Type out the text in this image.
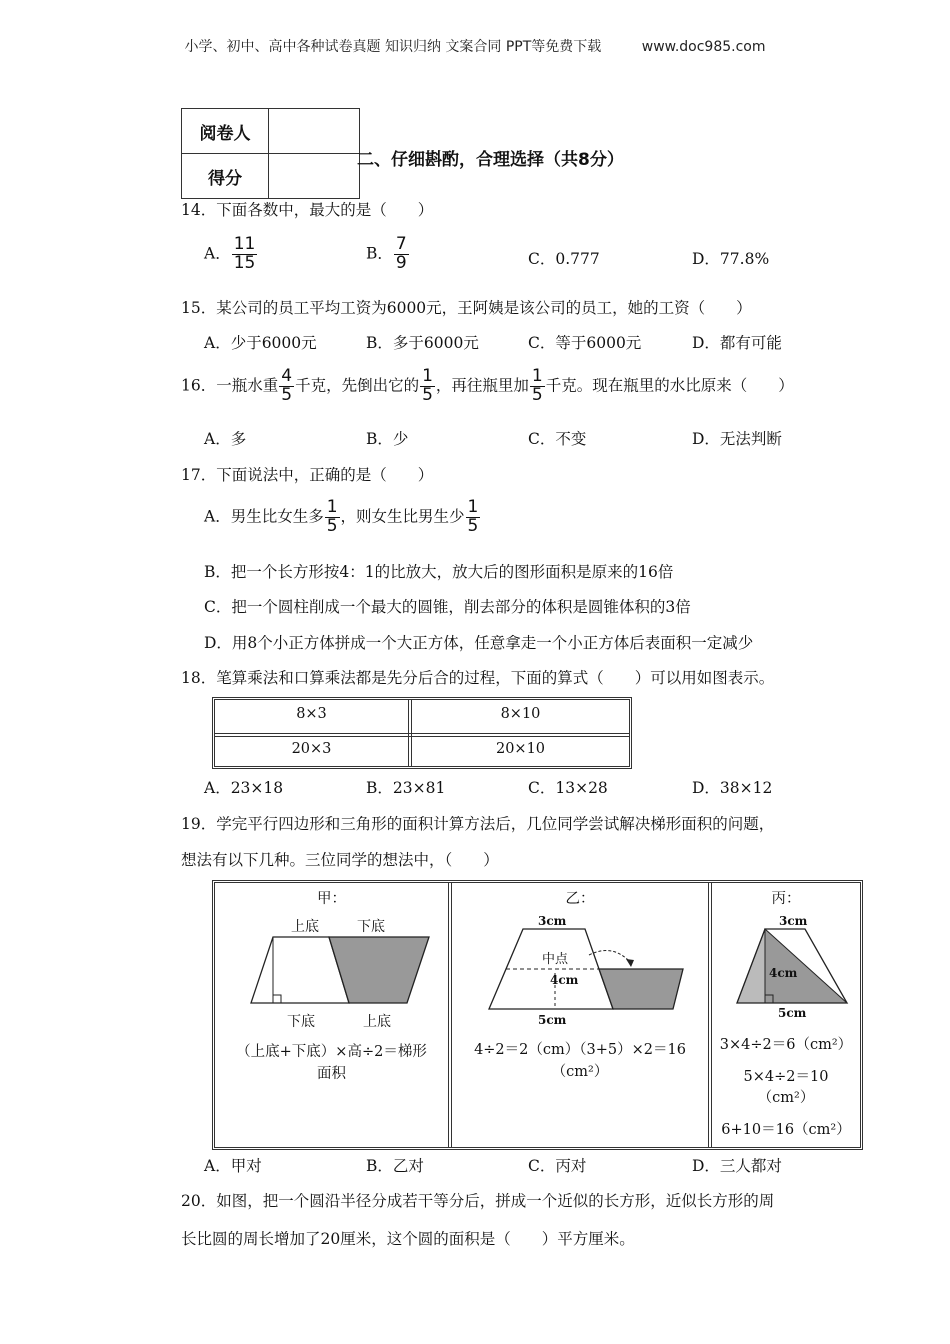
小学、初中、高中各种试卷真题 知识归纳 文案合同 PPT等免费下载	www.doc985.com
阅卷人	
得分	
二、仔细斟酌，合理选择（共8分）
14．下面各数中，最大的是（　　）
A． $\frac{11}{15}$	B． $\frac{7}{9}$	C．0.777	D．77.8%
15．某公司的员工平均工资为6000元，王阿姨是该公司的员工，她的工资（　　）
A．少于6000元	B．多于6000元	C．等于6000元	D．都有可能
16．一瓶水重 $\frac{4}{5}$ 千克，先倒出它的 $\frac{1}{5}$ ，再往瓶里加 $\frac{1}{5}$ 千克。现在瓶里的水比原来（　　）
A．多	B．少	C．不变	D．无法判断
17．下面说法中，正确的是（　　）
A．男生比女生多 $\frac{1}{5}$ ，则女生比男生少 $\frac{1}{5}$
B．把一个长方形按4：1的比放大，放大后的图形面积是原来的16倍
C．把一个圆柱削成一个最大的圆锥，削去部分的体积是圆锥体积的3倍
D．用8个小正方体拼成一个大正方体，任意拿走一个小正方体后表面积一定减少
18．笔算乘法和口算乘法都是先分后合的过程，下面的算式（　　）可以用如图表示。
8×3	8×10
20×3	20×10
A．23×18	B．23×81	C．13×28	D．38×12
19．学完平行四边形和三角形的面积计算方法后，几位同学尝试解决梯形面积的问题，
想法有以下几种。三位同学的想法中，（　　）
甲：
上底	下底
下底	上底
（上底+下底）×高÷2＝梯形
面积
乙：
3cm
中点
4cm
5cm
4÷2＝2（cm）（3+5）×2＝16
（cm²）
丙：
3cm
4cm
5cm
3×4÷2＝6（cm²）
5×4÷2＝10
（cm²）
6+10＝16（cm²）
A．甲对	B．乙对	C．丙对	D．三人都对
20．如图，把一个圆沿半径分成若干等分后，拼成一个近似的长方形，近似长方形的周
长比圆的周长增加了20厘米，这个圆的面积是（　　）平方厘米。
